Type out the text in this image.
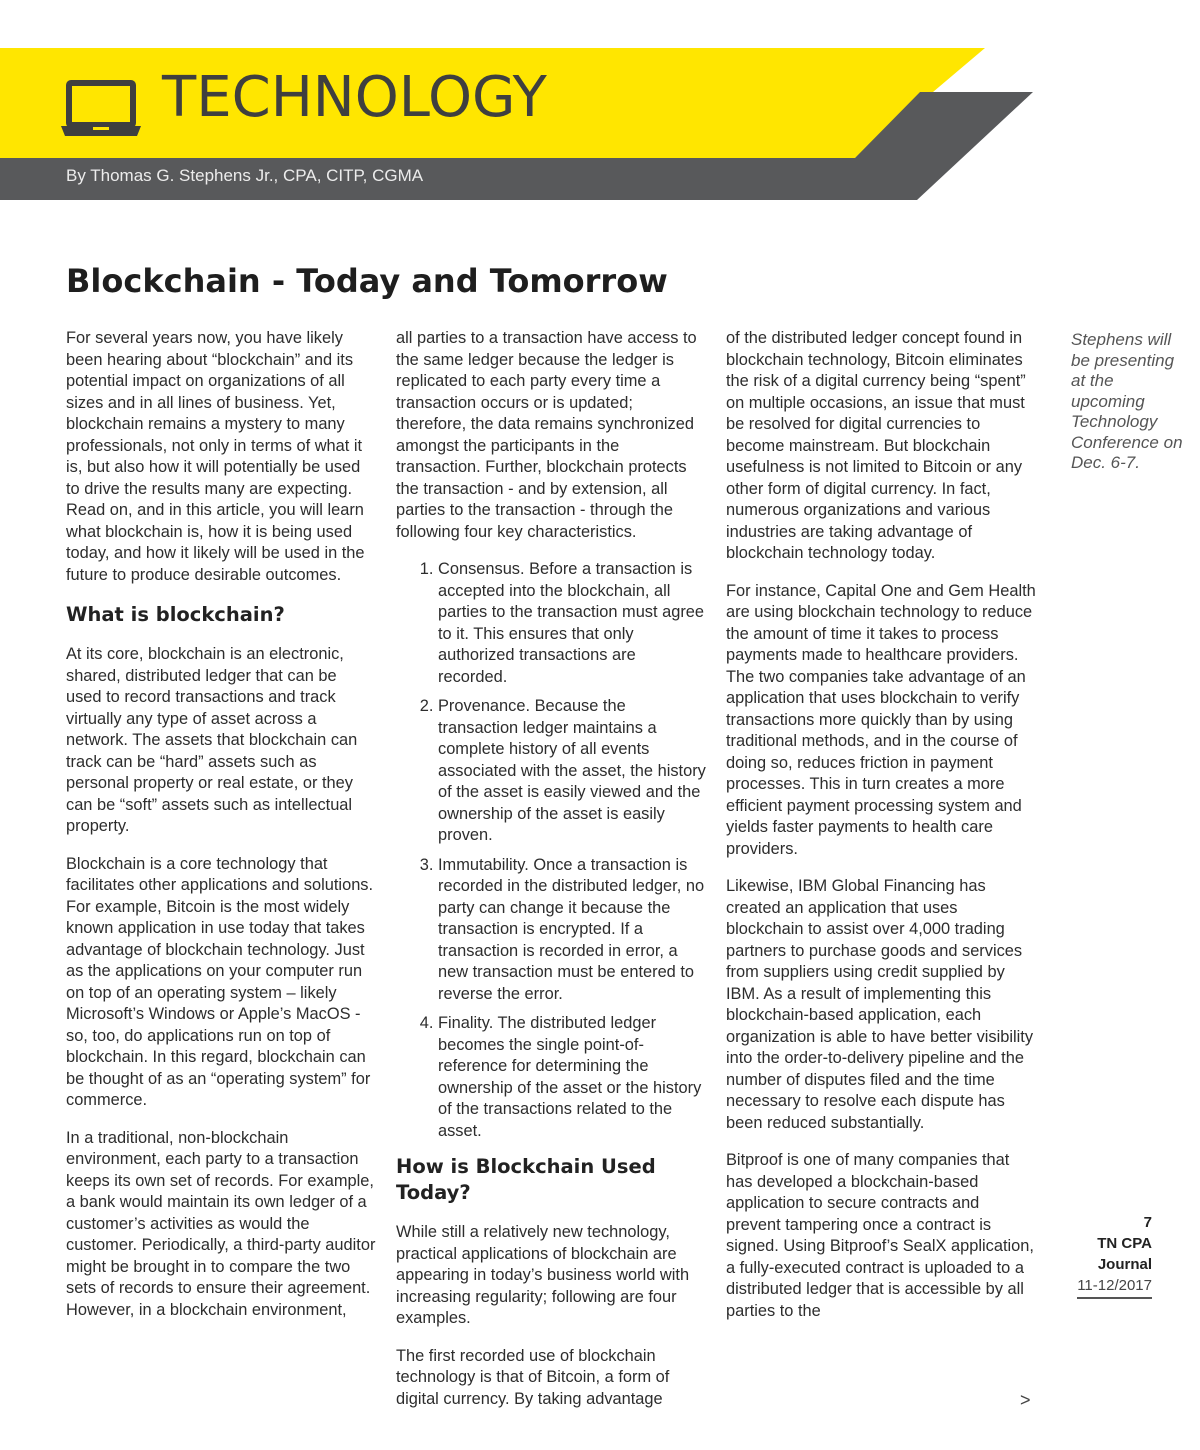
TECHNOLOGY
By Thomas G. Stephens Jr., CPA, CITP, CGMA
Blockchain - Today and Tomorrow

For several years now, you have likely been hearing about “blockchain” and its potential impact on organizations of all sizes and in all lines of business. Yet, blockchain remains a mystery to many professionals, not only in terms of what it is, but also how it will potentially be used to drive the results many are expecting. Read on, and in this article, you will learn what blockchain is, how it is being used today, and how it likely will be used in the future to produce desirable outcomes.

What is blockchain?

At its core, blockchain is an electronic, shared, distributed ledger that can be used to record transactions and track virtually any type of asset across a network. The assets that blockchain can track can be “hard” assets such as personal property or real estate, or they can be “soft” assets such as intellectual property.

Blockchain is a core technology that facilitates other applications and solutions. For example, Bitcoin is the most widely known application in use today that takes advantage of blockchain technology. Just as the applications on your computer run on top of an operating system – likely Microsoft’s Windows or Apple’s MacOS - so, too, do applications run on top of blockchain. In this regard, blockchain can be thought of as an “operating system” for commerce.

In a traditional, non-blockchain environment, each party to a transaction keeps its own set of records. For example, a bank would maintain its own ledger of a customer’s activities as would the customer. Periodically, a third-party auditor might be brought in to compare the two sets of records to ensure their agreement. However, in a blockchain environment,

all parties to a transaction have access to the same ledger because the ledger is replicated to each party every time a transaction occurs or is updated; therefore, the data remains synchronized amongst the participants in the transaction. Further, blockchain protects the transaction - and by extension, all parties to the transaction - through the following four key characteristics.

1. Consensus. Before a transaction is accepted into the blockchain, all parties to the transaction must agree to it. This ensures that only authorized transactions are recorded.
2. Provenance. Because the transaction ledger maintains a complete history of all events associated with the asset, the history of the asset is easily viewed and the ownership of the asset is easily proven.
3. Immutability. Once a transaction is recorded in the distributed ledger, no party can change it because the transaction is encrypted. If a transaction is recorded in error, a new transaction must be entered to reverse the error.
4. Finality. The distributed ledger becomes the single point-of-reference for determining the ownership of the asset or the history of the transactions related to the asset.
How is Blockchain Used Today?

While still a relatively new technology, practical applications of blockchain are appearing in today’s business world with increasing regularity; following are four examples.

The first recorded use of blockchain technology is that of Bitcoin, a form of digital currency. By taking advantage

of the distributed ledger concept found in blockchain technology, Bitcoin eliminates the risk of a digital currency being “spent” on multiple occasions, an issue that must be resolved for digital currencies to become mainstream. But blockchain usefulness is not limited to Bitcoin or any other form of digital currency. In fact, numerous organizations and various industries are taking advantage of blockchain technology today.

For instance, Capital One and Gem Health are using blockchain technology to reduce the amount of time it takes to process payments made to healthcare providers. The two companies take advantage of an application that uses blockchain to verify transactions more quickly than by using traditional methods, and in the course of doing so, reduces friction in payment processes. This in turn creates a more efficient payment processing system and yields faster payments to health care providers.

Likewise, IBM Global Financing has created an application that uses blockchain to assist over 4,000 trading partners to purchase goods and services from suppliers using credit supplied by IBM. As a result of implementing this blockchain-based application, each organization is able to have better visibility into the order-to-delivery pipeline and the number of disputes filed and the time necessary to resolve each dispute has been reduced substantially.

Bitproof is one of many companies that has developed a blockchain-based application to secure contracts and prevent tampering once a contract is signed. Using Bitproof’s SealX application, a fully-executed contract is uploaded to a distributed ledger that is accessible by all parties to the

Stephens will be presenting at the upcoming Technology Conference on Dec. 6-7.
7
TN CPA Journal
11-12/2017
>
